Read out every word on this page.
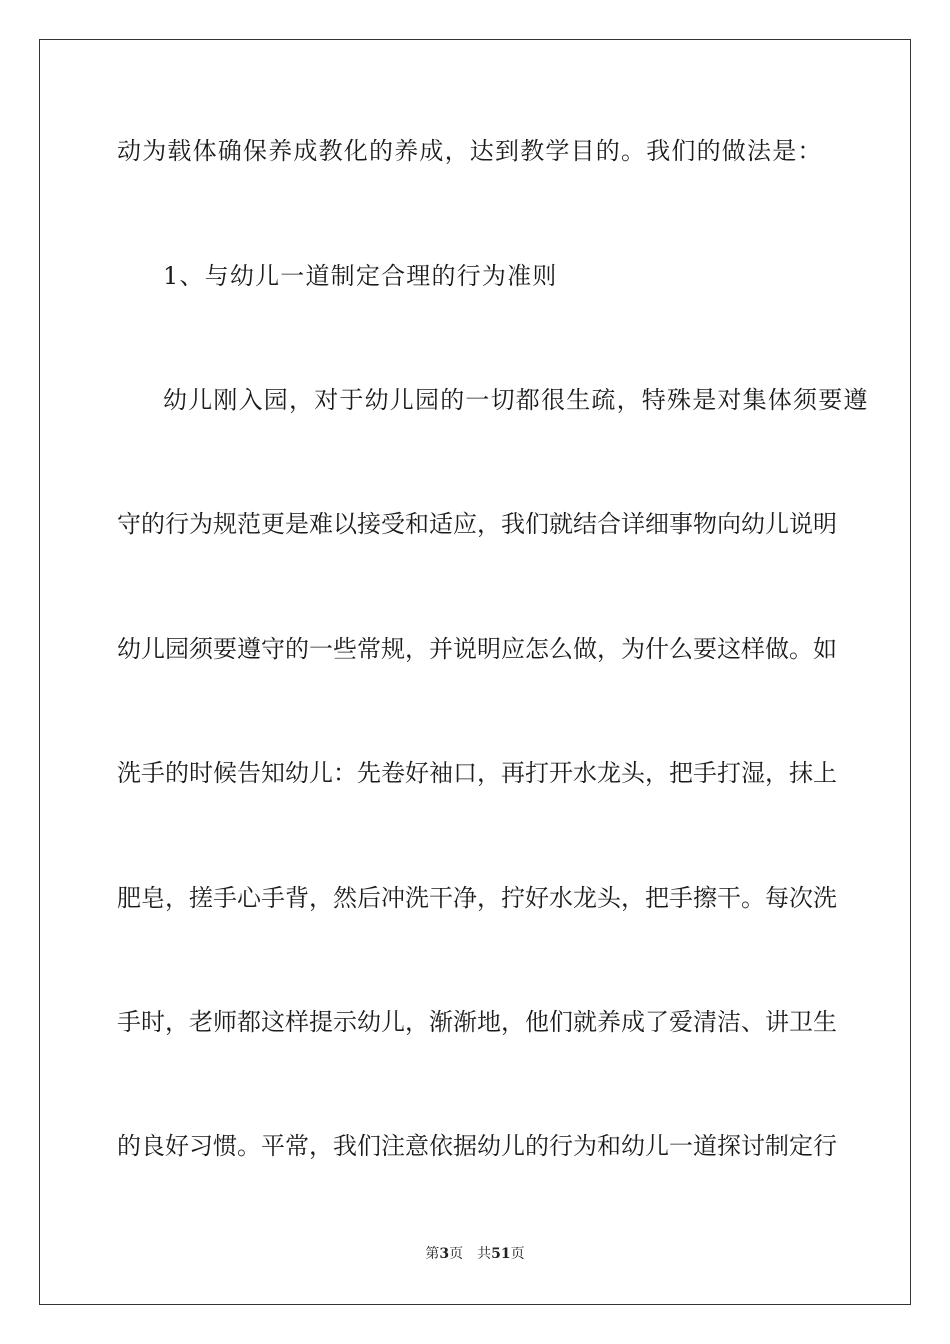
动为载体确保养成教化的养成，达到教学目的。我们的做法是：
1、与幼儿一道制定合理的行为准则
幼儿刚入园，对于幼儿园的一切都很生疏，特殊是对集体须要遵
守的行为规范更是难以接受和适应，我们就结合详细事物向幼儿说明
幼儿园须要遵守的一些常规，并说明应怎么做，为什么要这样做。如
洗手的时候告知幼儿：先卷好袖口，再打开水龙头，把手打湿，抹上
肥皂，搓手心手背，然后冲洗干净，拧好水龙头，把手擦干。每次洗
手时，老师都这样提示幼儿，渐渐地，他们就养成了爱清洁、讲卫生
的良好习惯。平常，我们注意依据幼儿的行为和幼儿一道探讨制定行
第3页 共51页
